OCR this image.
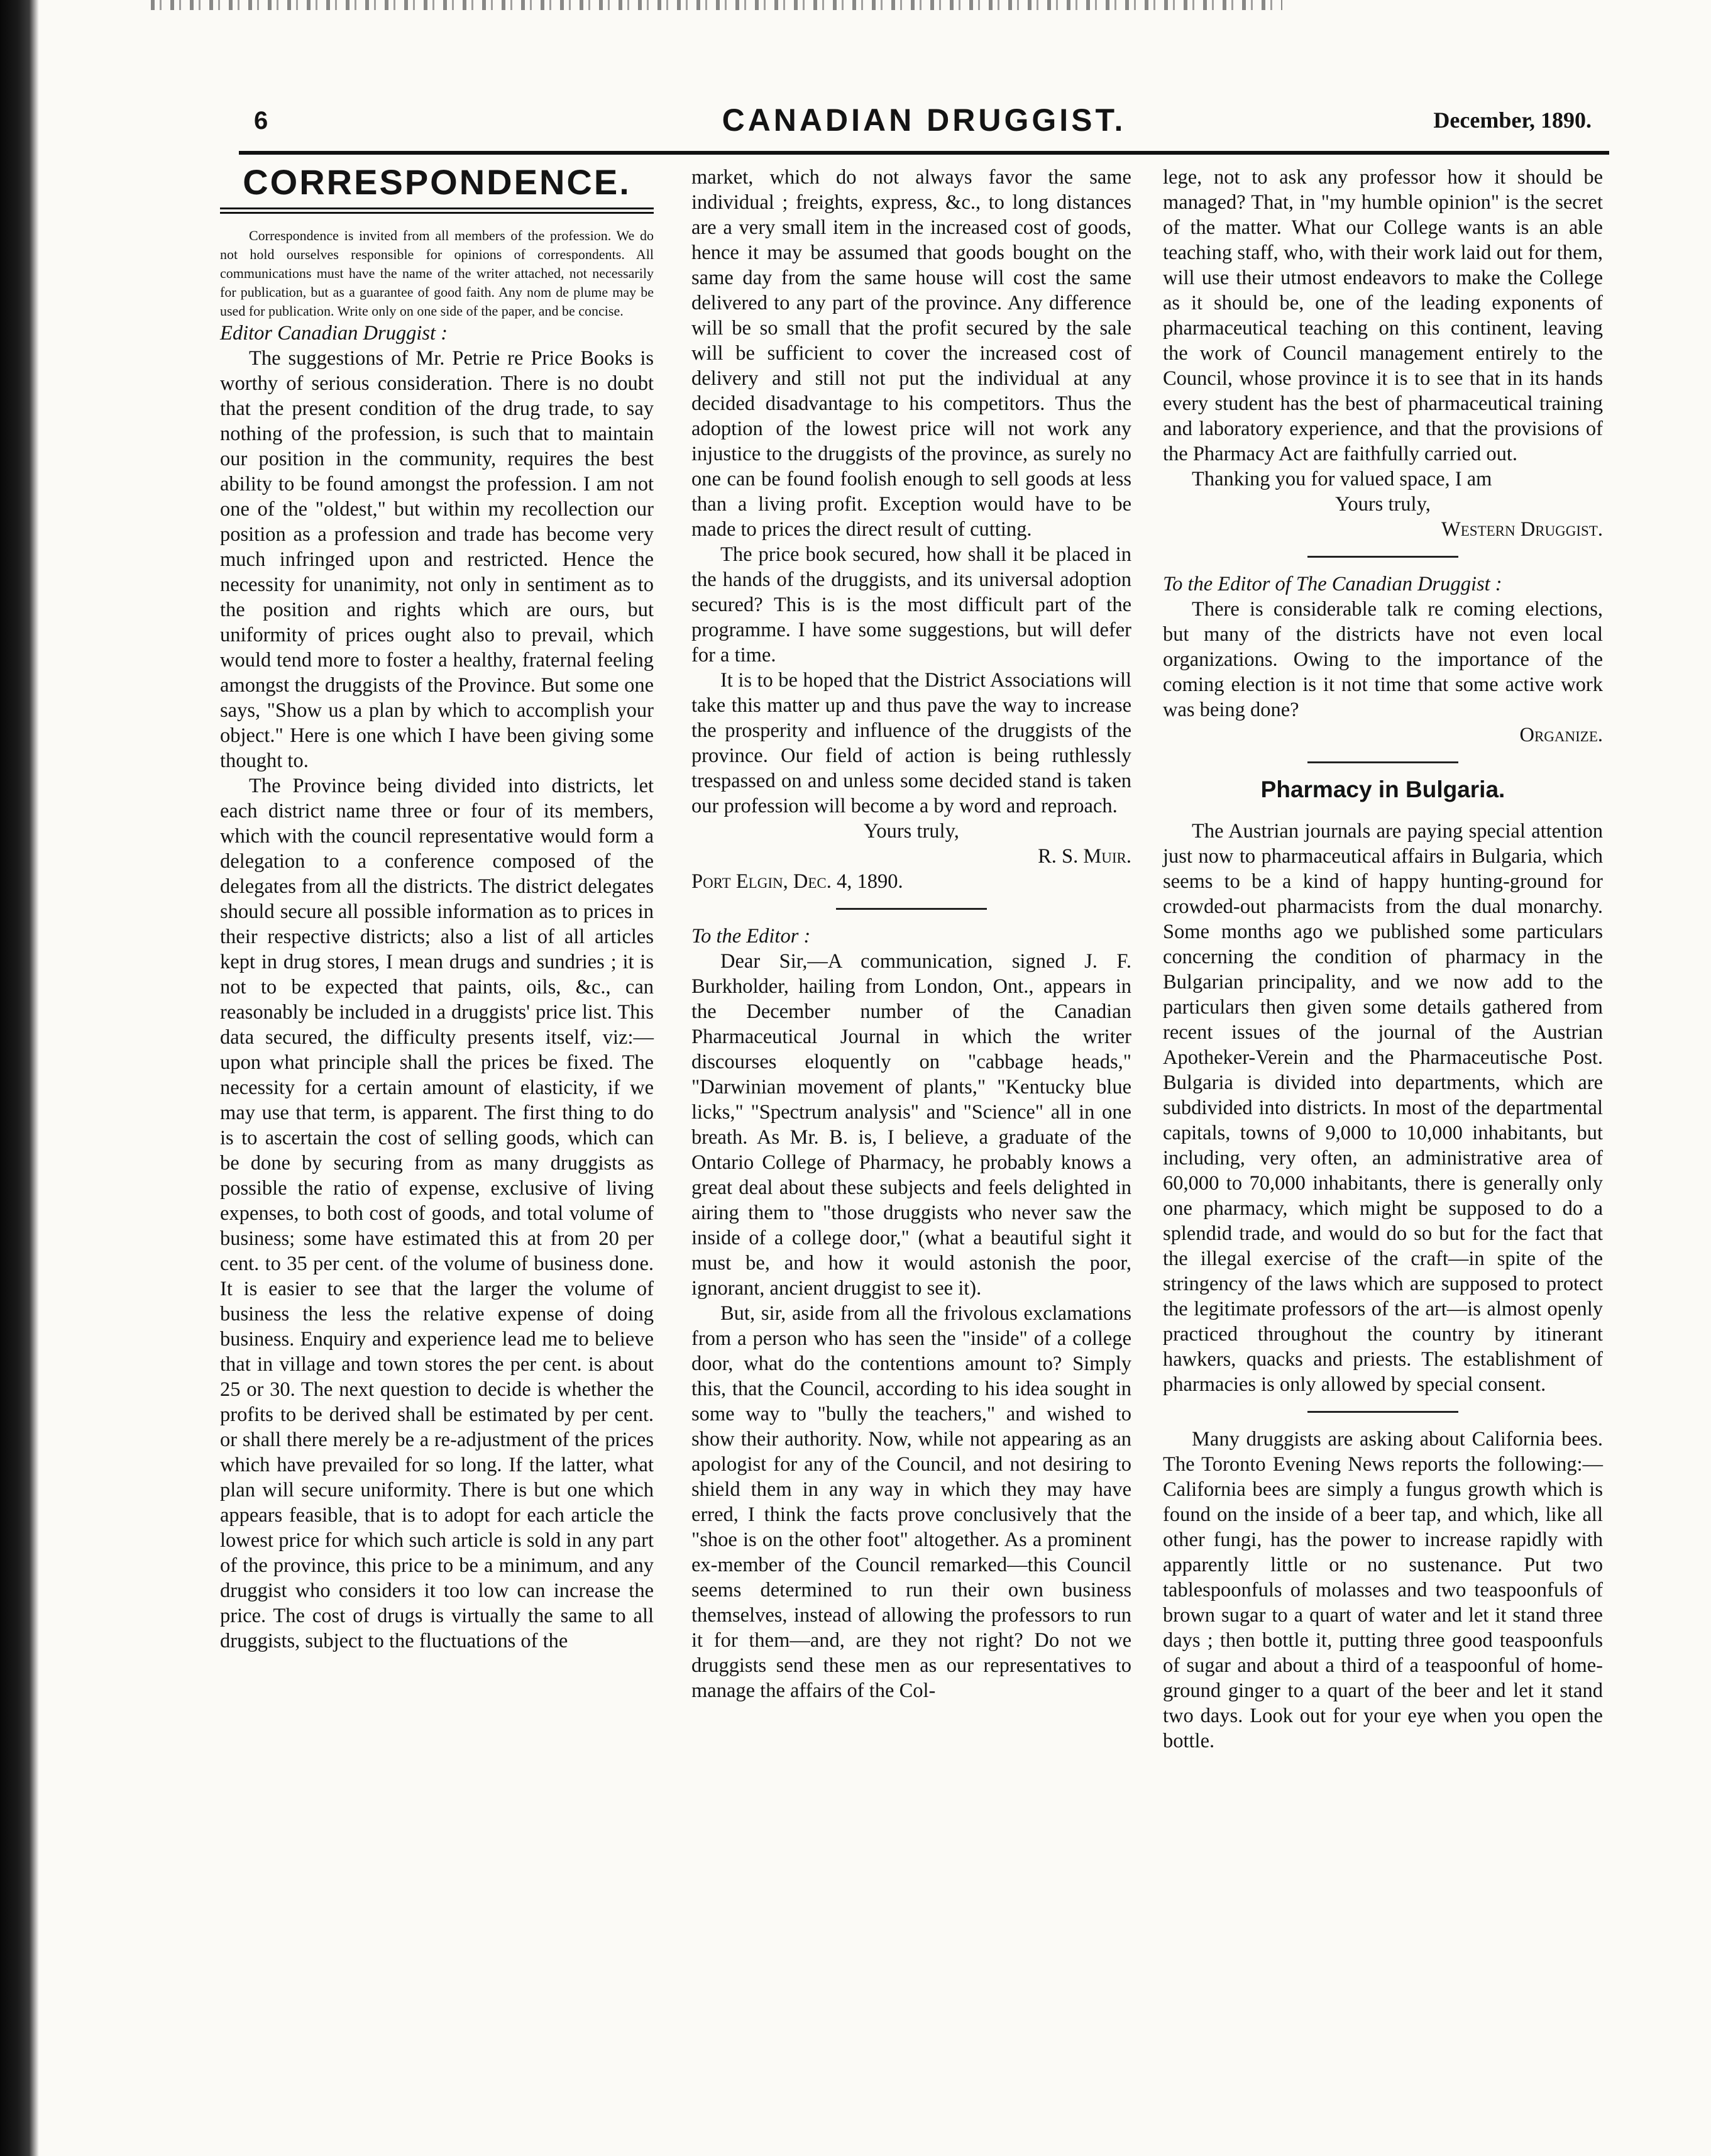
6	CANADIAN DRUGGIST.	December, 1890.
CORRESPONDENCE.

Correspondence is invited from all members of the profession. We do not hold ourselves responsible for opinions of correspondents. All communications must have the name of the writer attached, not necessarily for publication, but as a guarantee of good faith. Any nom de plume may be used for publication. Write only on one side of the paper, and be concise.

Editor Canadian Druggist :

The suggestions of Mr. Petrie re Price Books is worthy of serious consideration. There is no doubt that the present condition of the drug trade, to say nothing of the profession, is such that to maintain our position in the community, requires the best ability to be found amongst the profession. I am not one of the "oldest," but within my recollection our position as a profession and trade has become very much infringed upon and restricted. Hence the necessity for unanimity, not only in sentiment as to the position and rights which are ours, but uniformity of prices ought also to prevail, which would tend more to foster a healthy, fraternal feeling amongst the druggists of the Province. But some one says, "Show us a plan by which to accomplish your object." Here is one which I have been giving some thought to.

The Province being divided into districts, let each district name three or four of its members, which with the council representative would form a delegation to a conference composed of the delegates from all the districts. The district delegates should secure all possible information as to prices in their respective districts; also a list of all articles kept in drug stores, I mean drugs and sundries ; it is not to be expected that paints, oils, &c., can reasonably be included in a druggists' price list. This data secured, the difficulty presents itself, viz:— upon what principle shall the prices be fixed. The necessity for a certain amount of elasticity, if we may use that term, is apparent. The first thing to do is to ascertain the cost of selling goods, which can be done by securing from as many druggists as possible the ratio of expense, exclusive of living expenses, to both cost of goods, and total volume of business; some have estimated this at from 20 per cent. to 35 per cent. of the volume of business done. It is easier to see that the larger the volume of business the less the relative expense of doing business. Enquiry and experience lead me to believe that in village and town stores the per cent. is about 25 or 30. The next question to decide is whether the profits to be derived shall be estimated by per cent. or shall there merely be a re-adjustment of the prices which have prevailed for so long. If the latter, what plan will secure uniformity. There is but one which appears feasible, that is to adopt for each article the lowest price for which such article is sold in any part of the province, this price to be a minimum, and any druggist who considers it too low can increase the price. The cost of drugs is virtually the same to all druggists, subject to the fluctuations of the

market, which do not always favor the same individual ; freights, express, &c., to long distances are a very small item in the increased cost of goods, hence it may be assumed that goods bought on the same day from the same house will cost the same delivered to any part of the province. Any difference will be so small that the profit secured by the sale will be sufficient to cover the increased cost of delivery and still not put the individual at any decided disadvantage to his competitors. Thus the adoption of the lowest price will not work any injustice to the druggists of the province, as surely no one can be found foolish enough to sell goods at less than a living profit. Exception would have to be made to prices the direct result of cutting.

The price book secured, how shall it be placed in the hands of the druggists, and its universal adoption secured? This is is the most difficult part of the programme. I have some suggestions, but will defer for a time.

It is to be hoped that the District Associations will take this matter up and thus pave the way to increase the prosperity and influence of the druggists of the province. Our field of action is being ruthlessly trespassed on and unless some decided stand is taken our profession will become a by word and reproach.

Yours truly,

R. S. Muir.

Port Elgin, Dec. 4, 1890.

To the Editor :

Dear Sir,—A communication, signed J. F. Burkholder, hailing from London, Ont., appears in the December number of the Canadian Pharmaceutical Journal in which the writer discourses eloquently on "cabbage heads," "Darwinian movement of plants," "Kentucky blue licks," "Spectrum analysis" and "Science" all in one breath. As Mr. B. is, I believe, a graduate of the Ontario College of Pharmacy, he probably knows a great deal about these subjects and feels delighted in airing them to "those druggists who never saw the inside of a college door," (what a beautiful sight it must be, and how it would astonish the poor, ignorant, ancient druggist to see it).

But, sir, aside from all the frivolous exclamations from a person who has seen the "inside" of a college door, what do the contentions amount to? Simply this, that the Council, according to his idea sought in some way to "bully the teachers," and wished to show their authority. Now, while not appearing as an apologist for any of the Council, and not desiring to shield them in any way in which they may have erred, I think the facts prove conclusively that the "shoe is on the other foot" altogether. As a prominent ex-member of the Council remarked—this Council seems determined to run their own business themselves, instead of allowing the professors to run it for them—and, are they not right? Do not we druggists send these men as our representatives to manage the affairs of the Col-

lege, not to ask any professor how it should be managed? That, in "my humble opinion" is the secret of the matter. What our College wants is an able teaching staff, who, with their work laid out for them, will use their utmost endeavors to make the College as it should be, one of the leading exponents of pharmaceutical teaching on this continent, leaving the work of Council management entirely to the Council, whose province it is to see that in its hands every student has the best of pharmaceutical training and laboratory experience, and that the provisions of the Pharmacy Act are faithfully carried out.

Thanking you for valued space, I am

Yours truly,

Western Druggist.

To the Editor of The Canadian Druggist :

There is considerable talk re coming elections, but many of the districts have not even local organizations. Owing to the importance of the coming election is it not time that some active work was being done?

Organize.

Pharmacy in Bulgaria.

The Austrian journals are paying special attention just now to pharmaceutical affairs in Bulgaria, which seems to be a kind of happy hunting-ground for crowded-out pharmacists from the dual monarchy. Some months ago we published some particulars concerning the condition of pharmacy in the Bulgarian principality, and we now add to the particulars then given some details gathered from recent issues of the journal of the Austrian Apotheker-Verein and the Pharmaceutische Post. Bulgaria is divided into departments, which are subdivided into districts. In most of the departmental capitals, towns of 9,000 to 10,000 inhabitants, but including, very often, an administrative area of 60,000 to 70,000 inhabitants, there is generally only one pharmacy, which might be supposed to do a splendid trade, and would do so but for the fact that the illegal exercise of the craft—in spite of the stringency of the laws which are supposed to protect the legitimate professors of the art—is almost openly practiced throughout the country by itinerant hawkers, quacks and priests. The establishment of pharmacies is only allowed by special consent.

Many druggists are asking about California bees. The Toronto Evening News reports the following:—California bees are simply a fungus growth which is found on the inside of a beer tap, and which, like all other fungi, has the power to increase rapidly with apparently little or no sustenance. Put two tablespoonfuls of molasses and two teaspoonfuls of brown sugar to a quart of water and let it stand three days ; then bottle it, putting three good teaspoonfuls of sugar and about a third of a teaspoonful of home-ground ginger to a quart of the beer and let it stand two days. Look out for your eye when you open the bottle.
